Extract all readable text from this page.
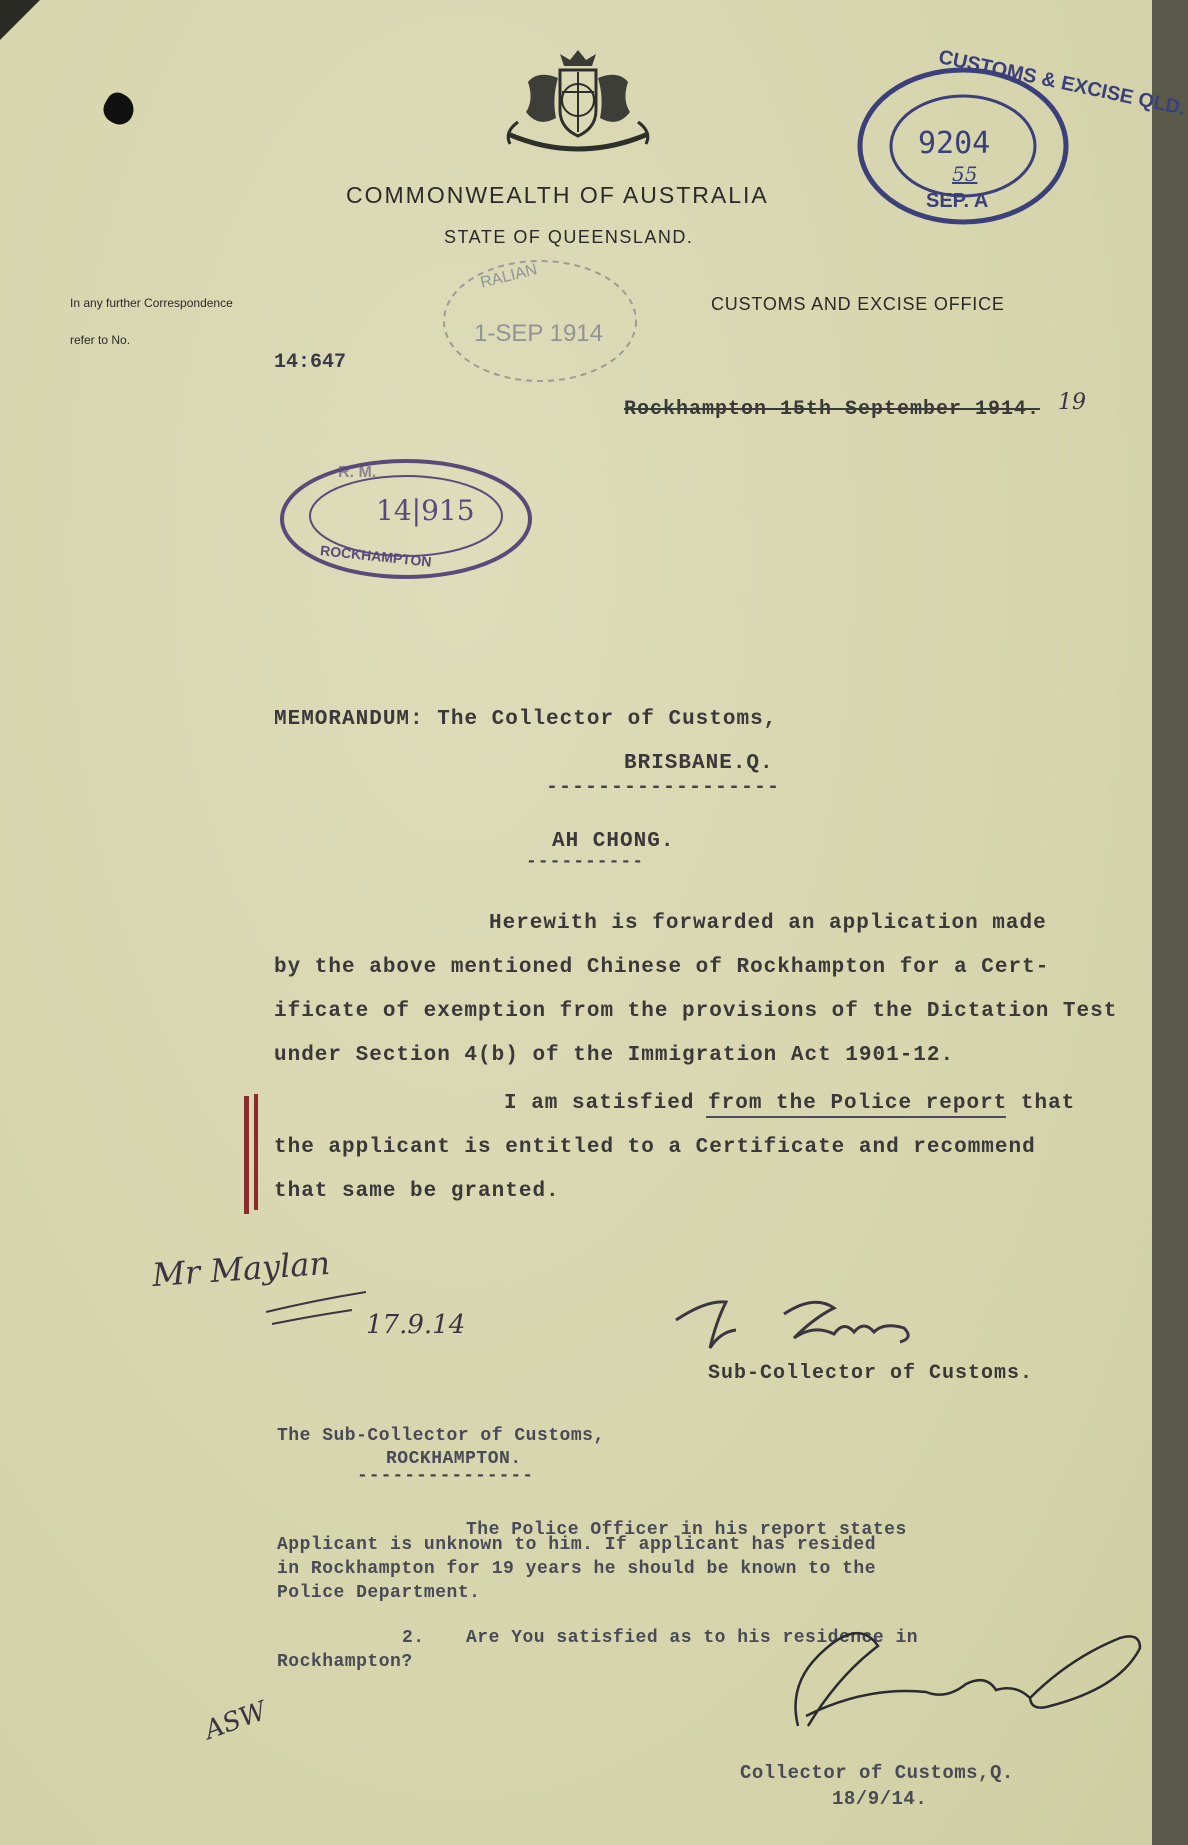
COMMONWEALTH OF AUSTRALIA
STATE OF QUEENSLAND.
CUSTOMS AND EXCISE OFFICE
In any further Correspondence
refer to No.
14:647
CUSTOMS & EXCISE QLD.
9204
55
SEP. A
RALIAN
1-SEP 1914
Rockhampton 15th September 1914. 19
R. M.
14|915
ROCKHAMPTON
MEMORANDUM: The Collector of Customs,
BRISBANE.Q.
------------------
AH CHONG.
----------
Herewith is forwarded an application made
by the above mentioned Chinese of Rockhampton for a Cert-
ificate of exemption from the provisions of the Dictation Test
under Section 4(b) of the Immigration Act 1901-12.
I am satisfied from the Police report that
the applicant is entitled to a Certificate and recommend
that same be granted.
Mr Maylan
17.9.14
Sub-Collector of Customs.
The Sub-Collector of Customs,
ROCKHAMPTON.
---------------
The Police Officer in his report states
Applicant is unknown to him. If applicant has resided
in Rockhampton for 19 years he should be known to the
Police Department.
2. Are You satisfied as to his residence in
Rockhampton?
Collector of Customs,Q.
18/9/14.
ASW
